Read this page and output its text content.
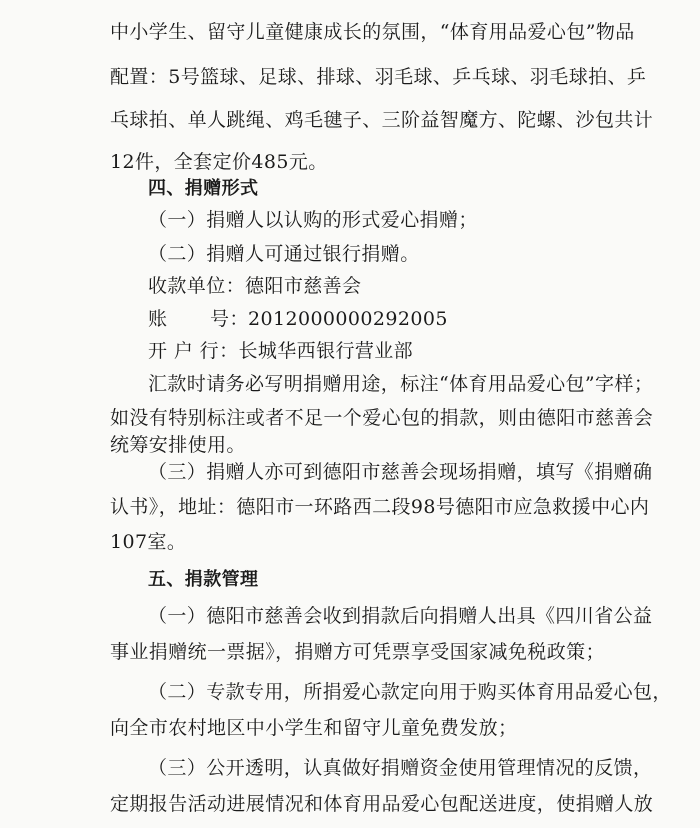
中小学生、留守儿童健康成长的氛围，“体育用品爱心包”物品
配置：5号篮球、足球、排球、羽毛球、乒乓球、羽毛球拍、乒
乓球拍、单人跳绳、鸡毛毽子、三阶益智魔方、陀螺、沙包共计
12件，全套定价485元。
四、捐赠形式
（一）捐赠人以认购的形式爱心捐赠；
（二）捐赠人可通过银行捐赠。
收款单位：德阳市慈善会
账 号：2012000000292005
开 户 行：长城华西银行营业部
汇款时请务必写明捐赠用途，标注“体育用品爱心包”字样；
如没有特别标注或者不足一个爱心包的捐款，则由德阳市慈善会
统筹安排使用。
（三）捐赠人亦可到德阳市慈善会现场捐赠，填写《捐赠确
认书》，地址：德阳市一环路西二段98号德阳市应急救援中心内
107室。
五、捐款管理
（一）德阳市慈善会收到捐款后向捐赠人出具《四川省公益
事业捐赠统一票据》，捐赠方可凭票享受国家减免税政策；
（二）专款专用，所捐爱心款定向用于购买体育用品爱心包，
向全市农村地区中小学生和留守儿童免费发放；
（三）公开透明，认真做好捐赠资金使用管理情况的反馈，
定期报告活动进展情况和体育用品爱心包配送进度，使捐赠人放
